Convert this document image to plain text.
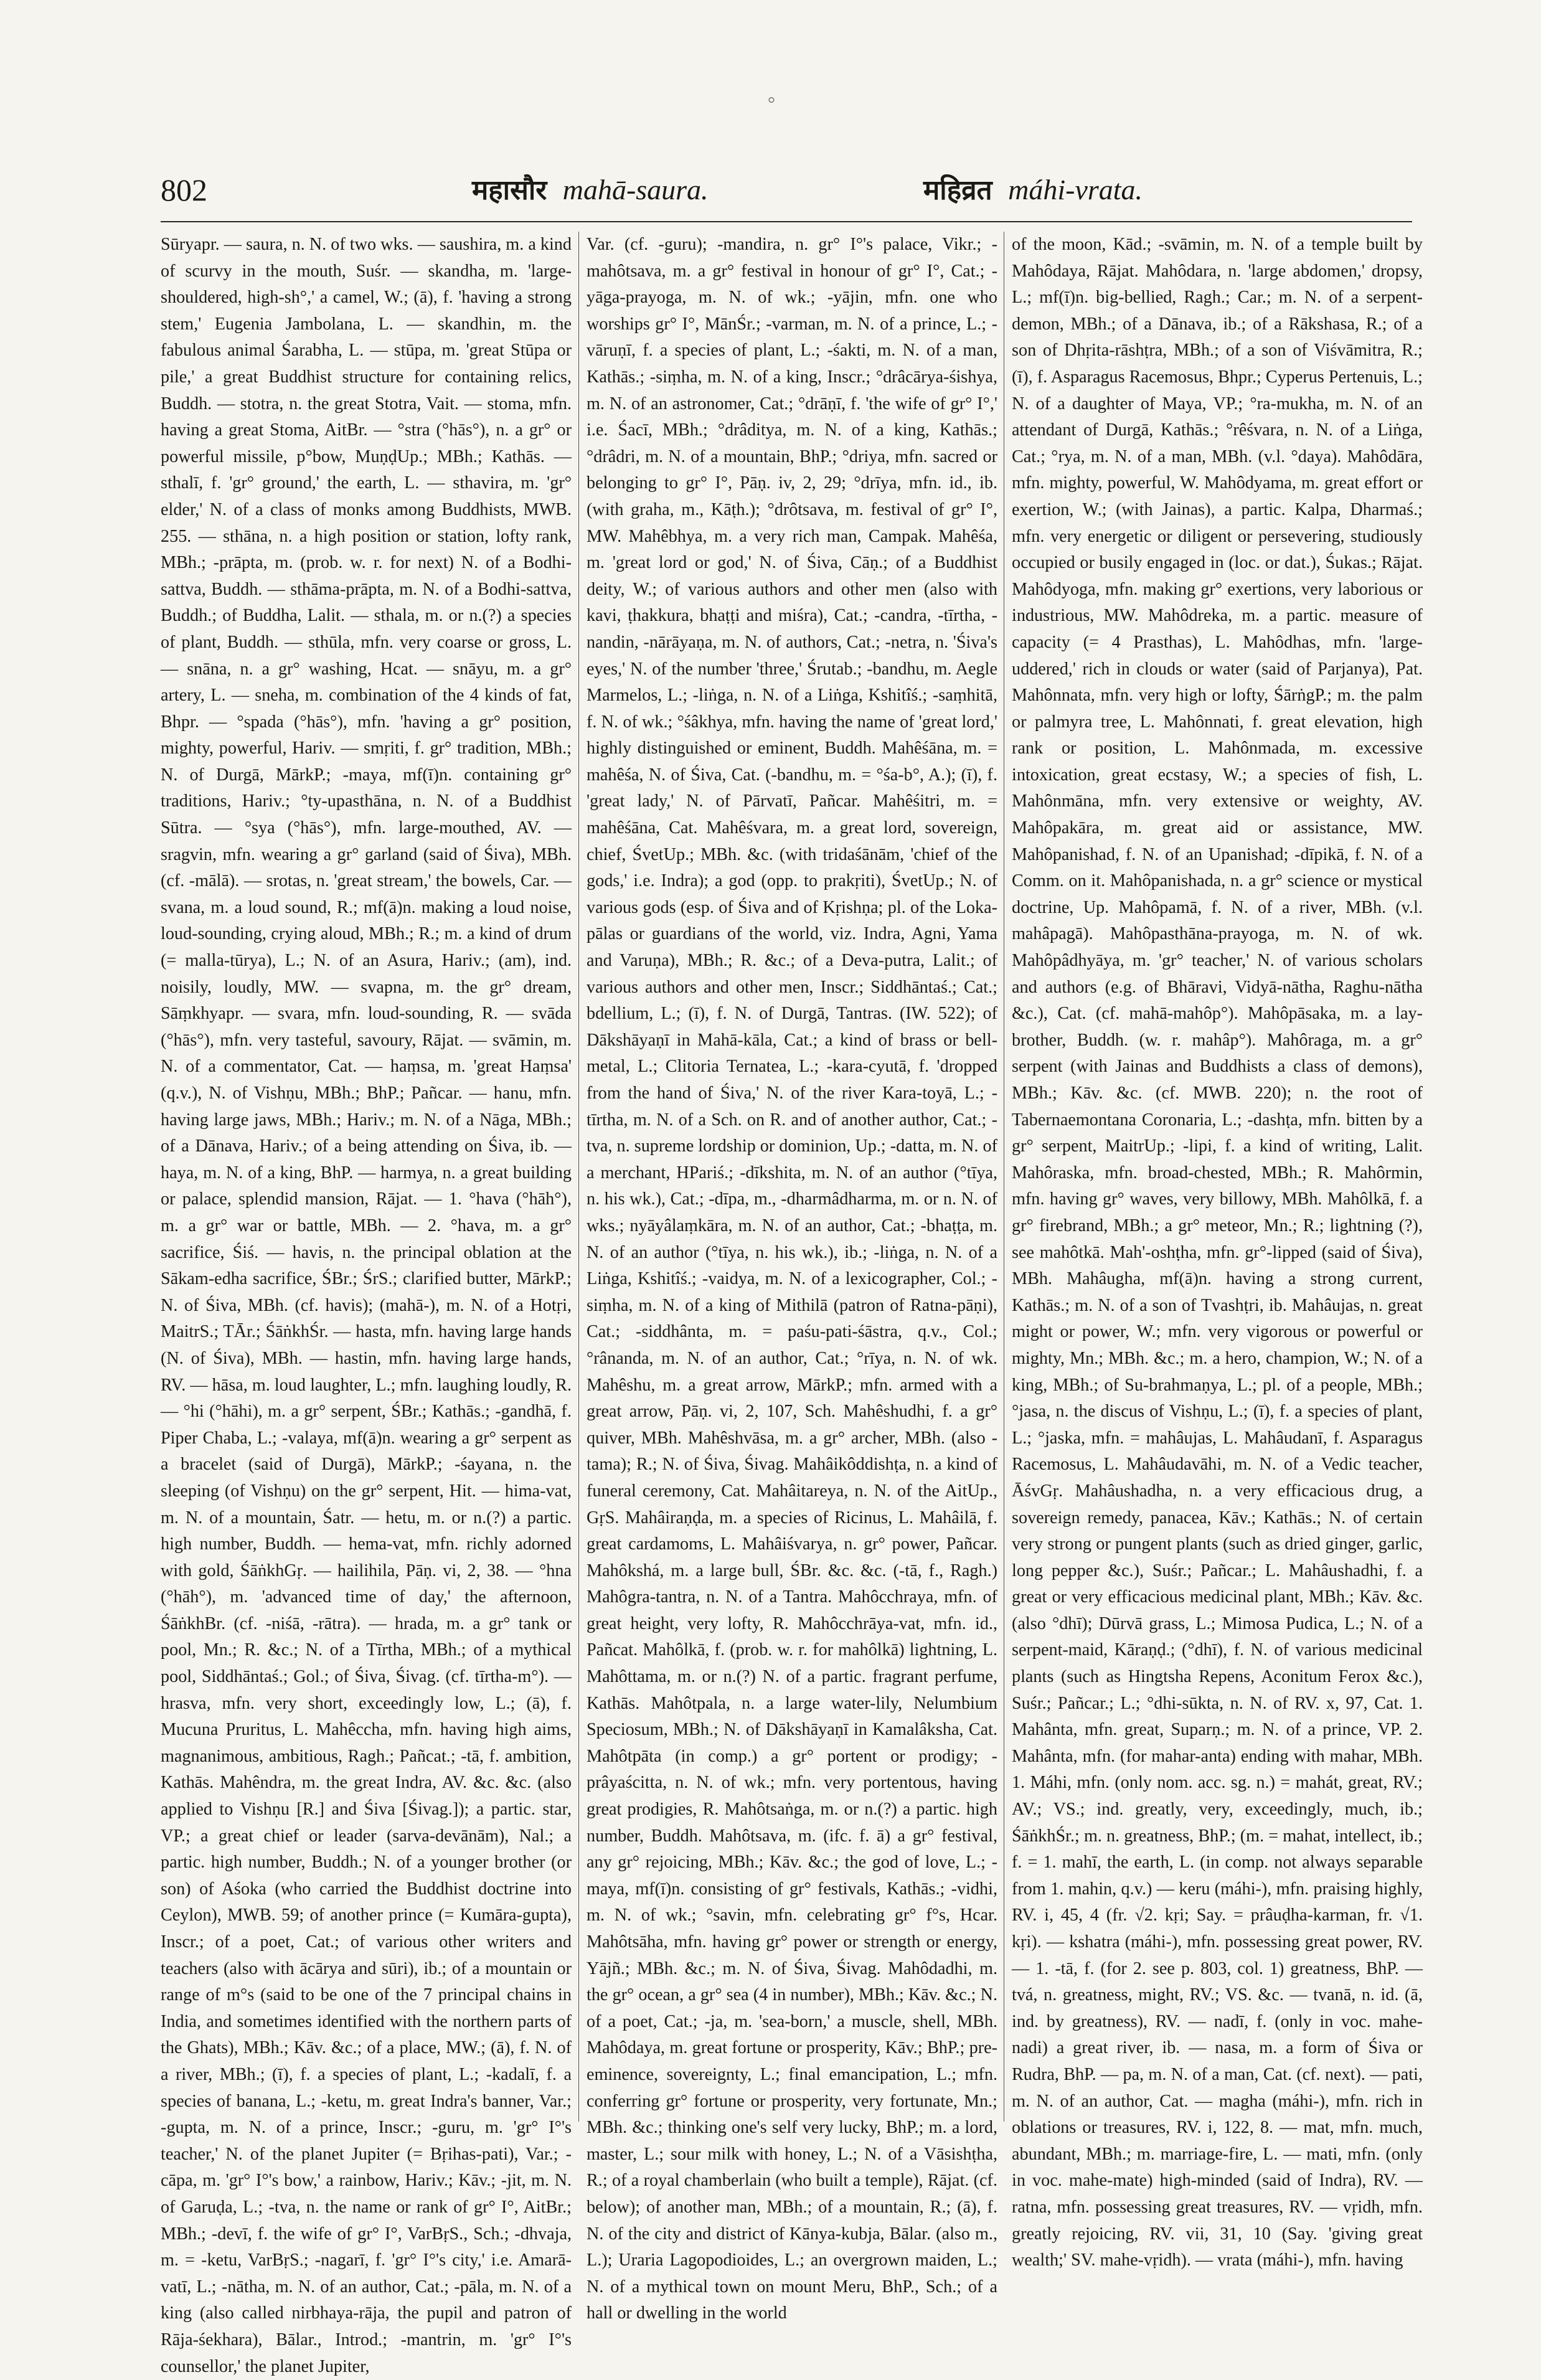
°
802	महासौर mahā-saura.	महिव्रत máhi-vrata.

Sūryapr. — saura, n. N. of two wks. — saushira, m. a kind of scurvy in the mouth, Suśr. — skandha, m. 'large-shouldered, high-sh°,' a camel, W.; (ā), f. 'having a strong stem,' Eugenia Jambolana, L. — skandhin, m. the fabulous animal Śarabha, L. — stūpa, m. 'great Stūpa or pile,' a great Buddhist structure for containing relics, Buddh. — stotra, n. the great Stotra, Vait. — stoma, mfn. having a great Stoma, AitBr. — °stra (°hās°), n. a gr° or powerful missile, p°bow, MuṇḍUp.; MBh.; Kathās. — sthalī, f. 'gr° ground,' the earth, L. — sthavira, m. 'gr° elder,' N. of a class of monks among Buddhists, MWB. 255. — sthāna, n. a high position or station, lofty rank, MBh.; -prāpta, m. (prob. w. r. for next) N. of a Bodhi-sattva, Buddh. — sthāma-prāpta, m. N. of a Bodhi-sattva, Buddh.; of Buddha, Lalit. — sthala, m. or n.(?) a species of plant, Buddh. — sthūla, mfn. very coarse or gross, L. — snāna, n. a gr° washing, Hcat. — snāyu, m. a gr° artery, L. — sneha, m. combination of the 4 kinds of fat, Bhpr. — °spada (°hās°), mfn. 'having a gr° position, mighty, powerful, Hariv. — smṛiti, f. gr° tradition, MBh.; N. of Durgā, MārkP.; -maya, mf(ī)n. containing gr° traditions, Hariv.; °ty-upasthāna, n. N. of a Buddhist Sūtra. — °sya (°hās°), mfn. large-mouthed, AV. — sragvin, mfn. wearing a gr° garland (said of Śiva), MBh. (cf. -mālā). — srotas, n. 'great stream,' the bowels, Car. — svana, m. a loud sound, R.; mf(ā)n. making a loud noise, loud-sounding, crying aloud, MBh.; R.; m. a kind of drum (= malla-tūrya), L.; N. of an Asura, Hariv.; (am), ind. noisily, loudly, MW. — svapna, m. the gr° dream, Sāṃkhyapr. — svara, mfn. loud-sounding, R. — svāda (°hās°), mfn. very tasteful, savoury, Rājat. — svāmin, m. N. of a commentator, Cat. — haṃsa, m. 'great Haṃsa' (q.v.), N. of Vishṇu, MBh.; BhP.; Pañcar. — hanu, mfn. having large jaws, MBh.; Hariv.; m. N. of a Nāga, MBh.; of a Dānava, Hariv.; of a being attending on Śiva, ib. — haya, m. N. of a king, BhP. — harmya, n. a great building or palace, splendid mansion, Rājat. — 1. °hava (°hāh°), m. a gr° war or battle, MBh. — 2. °hava, m. a gr° sacrifice, Śiś. — havis, n. the principal oblation at the Sākam-edha sacrifice, ŚBr.; ŚrS.; clarified butter, MārkP.; N. of Śiva, MBh. (cf. havis); (mahā-), m. N. of a Hotṛi, MaitrS.; TĀr.; ŚāṅkhŚr. — hasta, mfn. having large hands (N. of Śiva), MBh. — hastin, mfn. having large hands, RV. — hāsa, m. loud laughter, L.; mfn. laughing loudly, R. — °hi (°hāhi), m. a gr° serpent, ŚBr.; Kathās.; -gandhā, f. Piper Chaba, L.; -valaya, mf(ā)n. wearing a gr° serpent as a bracelet (said of Durgā), MārkP.; -śayana, n. the sleeping (of Vishṇu) on the gr° serpent, Hit. — hima-vat, m. N. of a mountain, Śatr. — hetu, m. or n.(?) a partic. high number, Buddh. — hema-vat, mfn. richly adorned with gold, ŚāṅkhGṛ. — hailihila, Pāṇ. vi, 2, 38. — °hna (°hāh°), m. 'advanced time of day,' the afternoon, ŚāṅkhBr. (cf. -niśā, -rātra). — hrada, m. a gr° tank or pool, Mn.; R. &c.; N. of a Tīrtha, MBh.; of a mythical pool, Siddhāntaś.; Gol.; of Śiva, Śivag. (cf. tīrtha-m°). — hrasva, mfn. very short, exceedingly low, L.; (ā), f. Mucuna Pruritus, L. Mahêccha, mfn. having high aims, magnanimous, ambitious, Ragh.; Pañcat.; -tā, f. ambition, Kathās. Mahêndra, m. the great Indra, AV. &c. &c. (also applied to Vishṇu [R.] and Śiva [Śivag.]); a partic. star, VP.; a great chief or leader (sarva-devānām), Nal.; a partic. high number, Buddh.; N. of a younger brother (or son) of Aśoka (who carried the Buddhist doctrine into Ceylon), MWB. 59; of another prince (= Kumāra-gupta), Inscr.; of a poet, Cat.; of various other writers and teachers (also with ācārya and sūri), ib.; of a mountain or range of m°s (said to be one of the 7 principal chains in India, and sometimes identified with the northern parts of the Ghats), MBh.; Kāv. &c.; of a place, MW.; (ā), f. N. of a river, MBh.; (ī), f. a species of plant, L.; -kadalī, f. a species of banana, L.; -ketu, m. great Indra's banner, Var.; -gupta, m. N. of a prince, Inscr.; -guru, m. 'gr° I°'s teacher,' N. of the planet Jupiter (= Bṛihas-pati), Var.; -cāpa, m. 'gr° I°'s bow,' a rainbow, Hariv.; Kāv.; -jit, m. N. of Garuḍa, L.; -tva, n. the name or rank of gr° I°, AitBr.; MBh.; -devī, f. the wife of gr° I°, VarBṛS., Sch.; -dhvaja, m. = -ketu, VarBṛS.; -nagarī, f. 'gr° I°'s city,' i.e. Amarā-vatī, L.; -nātha, m. N. of an author, Cat.; -pāla, m. N. of a king (also called nirbhaya-rāja, the pupil and patron of Rāja-śekhara), Bālar., Introd.; -mantrin, m. 'gr° I°'s counsellor,' the planet Jupiter,

Var. (cf. -guru); -mandira, n. gr° I°'s palace, Vikr.; -mahôtsava, m. a gr° festival in honour of gr° I°, Cat.; -yāga-prayoga, m. N. of wk.; -yājin, mfn. one who worships gr° I°, MānŚr.; -varman, m. N. of a prince, L.; -vāruṇī, f. a species of plant, L.; -śakti, m. N. of a man, Kathās.; -siṃha, m. N. of a king, Inscr.; °drâcārya-śishya, m. N. of an astronomer, Cat.; °drāṇī, f. 'the wife of gr° I°,' i.e. Śacī, MBh.; °drâditya, m. N. of a king, Kathās.; °drâdri, m. N. of a mountain, BhP.; °driya, mfn. sacred or belonging to gr° I°, Pāṇ. iv, 2, 29; °drīya, mfn. id., ib. (with graha, m., Kāṭh.); °drôtsava, m. festival of gr° I°, MW. Mahêbhya, m. a very rich man, Campak. Mahêśa, m. 'great lord or god,' N. of Śiva, Cāṇ.; of a Buddhist deity, W.; of various authors and other men (also with kavi, ṭhakkura, bhaṭṭi and miśra), Cat.; -candra, -tīrtha, -nandin, -nārāyaṇa, m. N. of authors, Cat.; -netra, n. 'Śiva's eyes,' N. of the number 'three,' Śrutab.; -bandhu, m. Aegle Marmelos, L.; -liṅga, n. N. of a Liṅga, Kshitîś.; -saṃhitā, f. N. of wk.; °śâkhya, mfn. having the name of 'great lord,' highly distinguished or eminent, Buddh. Mahêśāna, m. = mahêśa, N. of Śiva, Cat. (-bandhu, m. = °śa-b°, A.); (ī), f. 'great lady,' N. of Pārvatī, Pañcar. Mahêśitri, m. = mahêśāna, Cat. Mahêśvara, m. a great lord, sovereign, chief, ŚvetUp.; MBh. &c. (with tridaśānām, 'chief of the gods,' i.e. Indra); a god (opp. to prakṛiti), ŚvetUp.; N. of various gods (esp. of Śiva and of Kṛishṇa; pl. of the Loka-pālas or guardians of the world, viz. Indra, Agni, Yama and Varuṇa), MBh.; R. &c.; of a Deva-putra, Lalit.; of various authors and other men, Inscr.; Siddhāntaś.; Cat.; bdellium, L.; (ī), f. N. of Durgā, Tantras. (IW. 522); of Dākshāyaṇī in Mahā-kāla, Cat.; a kind of brass or bell-metal, L.; Clitoria Ternatea, L.; -kara-cyutā, f. 'dropped from the hand of Śiva,' N. of the river Kara-toyā, L.; -tīrtha, m. N. of a Sch. on R. and of another author, Cat.; -tva, n. supreme lordship or dominion, Up.; -datta, m. N. of a merchant, HPariś.; -dīkshita, m. N. of an author (°tīya, n. his wk.), Cat.; -dīpa, m., -dharmâdharma, m. or n. N. of wks.; nyāyâlaṃkāra, m. N. of an author, Cat.; -bhaṭṭa, m. N. of an author (°tīya, n. his wk.), ib.; -liṅga, n. N. of a Liṅga, Kshitîś.; -vaidya, m. N. of a lexicographer, Col.; -siṃha, m. N. of a king of Mithilā (patron of Ratna-pāṇi), Cat.; -siddhânta, m. = paśu-pati-śāstra, q.v., Col.; °rânanda, m. N. of an author, Cat.; °rīya, n. N. of wk. Mahêshu, m. a great arrow, MārkP.; mfn. armed with a great arrow, Pāṇ. vi, 2, 107, Sch. Mahêshudhi, f. a gr° quiver, MBh. Mahêshvāsa, m. a gr° archer, MBh. (also -tama); R.; N. of Śiva, Śivag. Mahâikôddishṭa, n. a kind of funeral ceremony, Cat. Mahâitareya, n. N. of the AitUp., GṛS. Mahâiraṇḍa, m. a species of Ricinus, L. Mahâilā, f. great cardamoms, L. Mahâiśvarya, n. gr° power, Pañcar. Mahôkshá, m. a large bull, ŚBr. &c. &c. (-tā, f., Ragh.) Mahôgra-tantra, n. N. of a Tantra. Mahôcchraya, mfn. of great height, very lofty, R. Mahôcchrāya-vat, mfn. id., Pañcat. Mahôlkā, f. (prob. w. r. for mahôlkā) lightning, L. Mahôttama, m. or n.(?) N. of a partic. fragrant perfume, Kathās. Mahôtpala, n. a large water-lily, Nelumbium Speciosum, MBh.; N. of Dākshāyaṇī in Kamalâksha, Cat. Mahôtpāta (in comp.) a gr° portent or prodigy; -prâyaścitta, n. N. of wk.; mfn. very portentous, having great prodigies, R. Mahôtsaṅga, m. or n.(?) a partic. high number, Buddh. Mahôtsava, m. (ifc. f. ā) a gr° festival, any gr° rejoicing, MBh.; Kāv. &c.; the god of love, L.; -maya, mf(ī)n. consisting of gr° festivals, Kathās.; -vidhi, m. N. of wk.; °savin, mfn. celebrating gr° f°s, Hcar. Mahôtsāha, mfn. having gr° power or strength or energy, Yājñ.; MBh. &c.; m. N. of Śiva, Śivag. Mahôdadhi, m. the gr° ocean, a gr° sea (4 in number), MBh.; Kāv. &c.; N. of a poet, Cat.; -ja, m. 'sea-born,' a muscle, shell, MBh. Mahôdaya, m. great fortune or prosperity, Kāv.; BhP.; pre-eminence, sovereignty, L.; final emancipation, L.; mfn. conferring gr° fortune or prosperity, very fortunate, Mn.; MBh. &c.; thinking one's self very lucky, BhP.; m. a lord, master, L.; sour milk with honey, L.; N. of a Vāsishṭha, R.; of a royal chamberlain (who built a temple), Rājat. (cf. below); of another man, MBh.; of a mountain, R.; (ā), f. N. of the city and district of Kānya-kubja, Bālar. (also m., L.); Uraria Lagopodioides, L.; an overgrown maiden, L.; N. of a mythical town on mount Meru, BhP., Sch.; of a hall or dwelling in the world

of the moon, Kād.; -svāmin, m. N. of a temple built by Mahôdaya, Rājat. Mahôdara, n. 'large abdomen,' dropsy, L.; mf(ī)n. big-bellied, Ragh.; Car.; m. N. of a serpent-demon, MBh.; of a Dānava, ib.; of a Rākshasa, R.; of a son of Dhṛita-rāshṭra, MBh.; of a son of Viśvāmitra, R.; (ī), f. Asparagus Racemosus, Bhpr.; Cyperus Pertenuis, L.; N. of a daughter of Maya, VP.; °ra-mukha, m. N. of an attendant of Durgā, Kathās.; °rêśvara, n. N. of a Liṅga, Cat.; °rya, m. N. of a man, MBh. (v.l. °daya). Mahôdāra, mfn. mighty, powerful, W. Mahôdyama, m. great effort or exertion, W.; (with Jainas), a partic. Kalpa, Dharmaś.; mfn. very energetic or diligent or persevering, studiously occupied or busily engaged in (loc. or dat.), Śukas.; Rājat. Mahôdyoga, mfn. making gr° exertions, very laborious or industrious, MW. Mahôdreka, m. a partic. measure of capacity (= 4 Prasthas), L. Mahôdhas, mfn. 'large-uddered,' rich in clouds or water (said of Parjanya), Pat. Mahônnata, mfn. very high or lofty, ŚārṅgP.; m. the palm or palmyra tree, L. Mahônnati, f. great elevation, high rank or position, L. Mahônmada, m. excessive intoxication, great ecstasy, W.; a species of fish, L. Mahônmāna, mfn. very extensive or weighty, AV. Mahôpakāra, m. great aid or assistance, MW. Mahôpanishad, f. N. of an Upanishad; -dīpikā, f. N. of a Comm. on it. Mahôpanishada, n. a gr° science or mystical doctrine, Up. Mahôpamā, f. N. of a river, MBh. (v.l. mahâpagā). Mahôpasthāna-prayoga, m. N. of wk. Mahôpâdhyāya, m. 'gr° teacher,' N. of various scholars and authors (e.g. of Bhāravi, Vidyā-nātha, Raghu-nātha &c.), Cat. (cf. mahā-mahôp°). Mahôpāsaka, m. a lay-brother, Buddh. (w. r. mahâp°). Mahôraga, m. a gr° serpent (with Jainas and Buddhists a class of demons), MBh.; Kāv. &c. (cf. MWB. 220); n. the root of Tabernaemontana Coronaria, L.; -dashṭa, mfn. bitten by a gr° serpent, MaitrUp.; -lipi, f. a kind of writing, Lalit. Mahôraska, mfn. broad-chested, MBh.; R. Mahôrmin, mfn. having gr° waves, very billowy, MBh. Mahôlkā, f. a gr° firebrand, MBh.; a gr° meteor, Mn.; R.; lightning (?), see mahôtkā. Mah'-oshṭha, mfn. gr°-lipped (said of Śiva), MBh. Mahâugha, mf(ā)n. having a strong current, Kathās.; m. N. of a son of Tvashṭri, ib. Mahâujas, n. great might or power, W.; mfn. very vigorous or powerful or mighty, Mn.; MBh. &c.; m. a hero, champion, W.; N. of a king, MBh.; of Su-brahmaṇya, L.; pl. of a people, MBh.; °jasa, n. the discus of Vishṇu, L.; (ī), f. a species of plant, L.; °jaska, mfn. = mahâujas, L. Mahâudanī, f. Asparagus Racemosus, L. Mahâudavāhi, m. N. of a Vedic teacher, ĀśvGṛ. Mahâushadha, n. a very efficacious drug, a sovereign remedy, panacea, Kāv.; Kathās.; N. of certain very strong or pungent plants (such as dried ginger, garlic, long pepper &c.), Suśr.; Pañcar.; L. Mahâushadhi, f. a great or very efficacious medicinal plant, MBh.; Kāv. &c. (also °dhī); Dūrvā grass, L.; Mimosa Pudica, L.; N. of a serpent-maid, Kāraṇḍ.; (°dhī), f. N. of various medicinal plants (such as Hingtsha Repens, Aconitum Ferox &c.), Suśr.; Pañcar.; L.; °dhi-sūkta, n. N. of RV. x, 97, Cat. 1. Mahânta, mfn. great, Suparṇ.; m. N. of a prince, VP. 2. Mahânta, mfn. (for mahar-anta) ending with mahar, MBh. 1. Máhi, mfn. (only nom. acc. sg. n.) = mahát, great, RV.; AV.; VS.; ind. greatly, very, exceedingly, much, ib.; ŚāṅkhŚr.; m. n. greatness, BhP.; (m. = mahat, intellect, ib.; f. = 1. mahī, the earth, L. (in comp. not always separable from 1. mahin, q.v.) — keru (máhi-), mfn. praising highly, RV. i, 45, 4 (fr. √2. kṛi; Say. = prâuḍha-karman, fr. √1. kṛi). — kshatra (máhi-), mfn. possessing great power, RV. — 1. -tā, f. (for 2. see p. 803, col. 1) greatness, BhP. — tvá, n. greatness, might, RV.; VS. &c. — tvanā, n. id. (ā, ind. by greatness), RV. — nadī, f. (only in voc. mahe-nadi) a great river, ib. — nasa, m. a form of Śiva or Rudra, BhP. — pa, m. N. of a man, Cat. (cf. next). — pati, m. N. of an author, Cat. — magha (máhi-), mfn. rich in oblations or treasures, RV. i, 122, 8. — mat, mfn. much, abundant, MBh.; m. marriage-fire, L. — mati, mfn. (only in voc. mahe-mate) high-minded (said of Indra), RV. — ratna, mfn. possessing great treasures, RV. — vṛidh, mfn. greatly rejoicing, RV. vii, 31, 10 (Say. 'giving great wealth;' SV. mahe-vṛidh). — vrata (máhi-), mfn. having
